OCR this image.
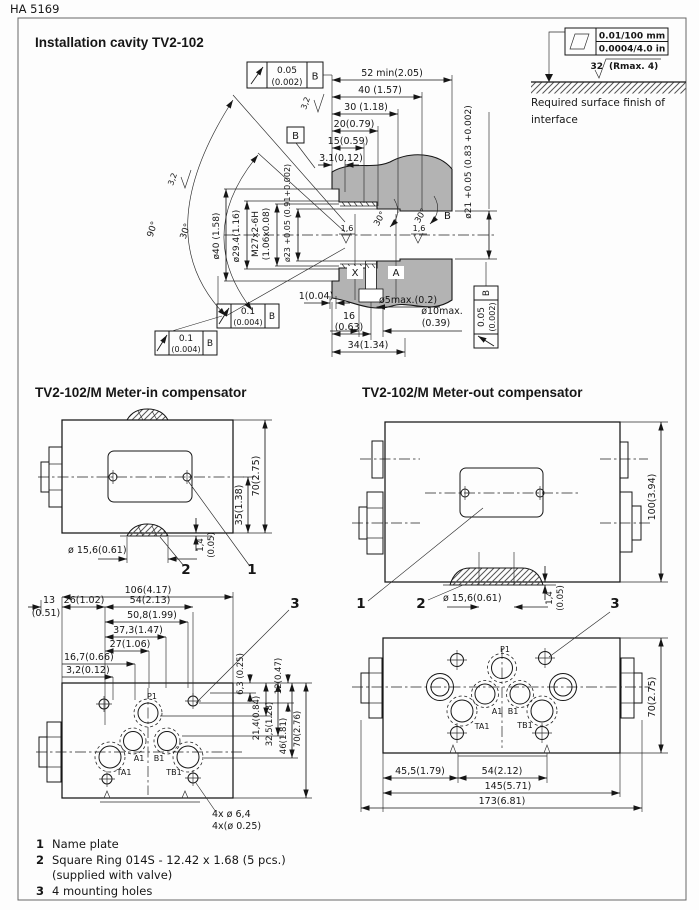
HA 5169
Installation cavity TV2-102
TV2-102/M Meter-in compensator	TV2-102/M Meter-out compensator
0.01/100 mm
0.0004/4.0 in
32 (Rmax. 4)
Required surface finish of
interface
90° 30°
52 min(2.05)
40 (1.57)
30 (1.18)
20(0.79)
15(0.59)
3.1(0.12)
3,2
3,2
0.05
(0.002)
B
B
ø40 (1.58) ø29.4(1.16) M27x2-6H (1.06x0.08) ø23 +0.05 (0.91+0.002)	ø21 +0.05 (0.83 +0.002)
1,6	1,6
30°	30° B
X	A
1(0.04)	ø5max.(0.2)
16
(0.63)
ø10max.
(0.39)
34(1.34)
0.1
(0.004)
B
0.1
(0.004)
B
0.05 (0.002)
B
70(2.75)
35(1.38)
ø 15,6(0.61)	1,4 (0.05)
2	1
100(3.94)
ø 15,6(0.61)	1,4 (0.05)
1	2
P1
A1 B1
TA1	TB1
4x ø 6,4
4x(ø 0.25)
106(4.17)
13
(0.51)
26(1.02)	54(2.13)
50,8(1.99)
37,3(1.47)
27(1.06)
16,7(0.66)
3,2(0.12)	6,3 (0.25)	12(0.47)
21,4(0.84) 32,5(1.28) 46(1.81) 70(2.76)
3
P1
A1 B1
TA1	TB1
45,5(1.79)	54(2.12)
145(5.71)
173(6.81)
70(2.75)
3
1 Name plate
2 Square Ring 014S - 12.42 x 1.68 (5 pcs.)
(supplied with valve)
3 4 mounting holes
